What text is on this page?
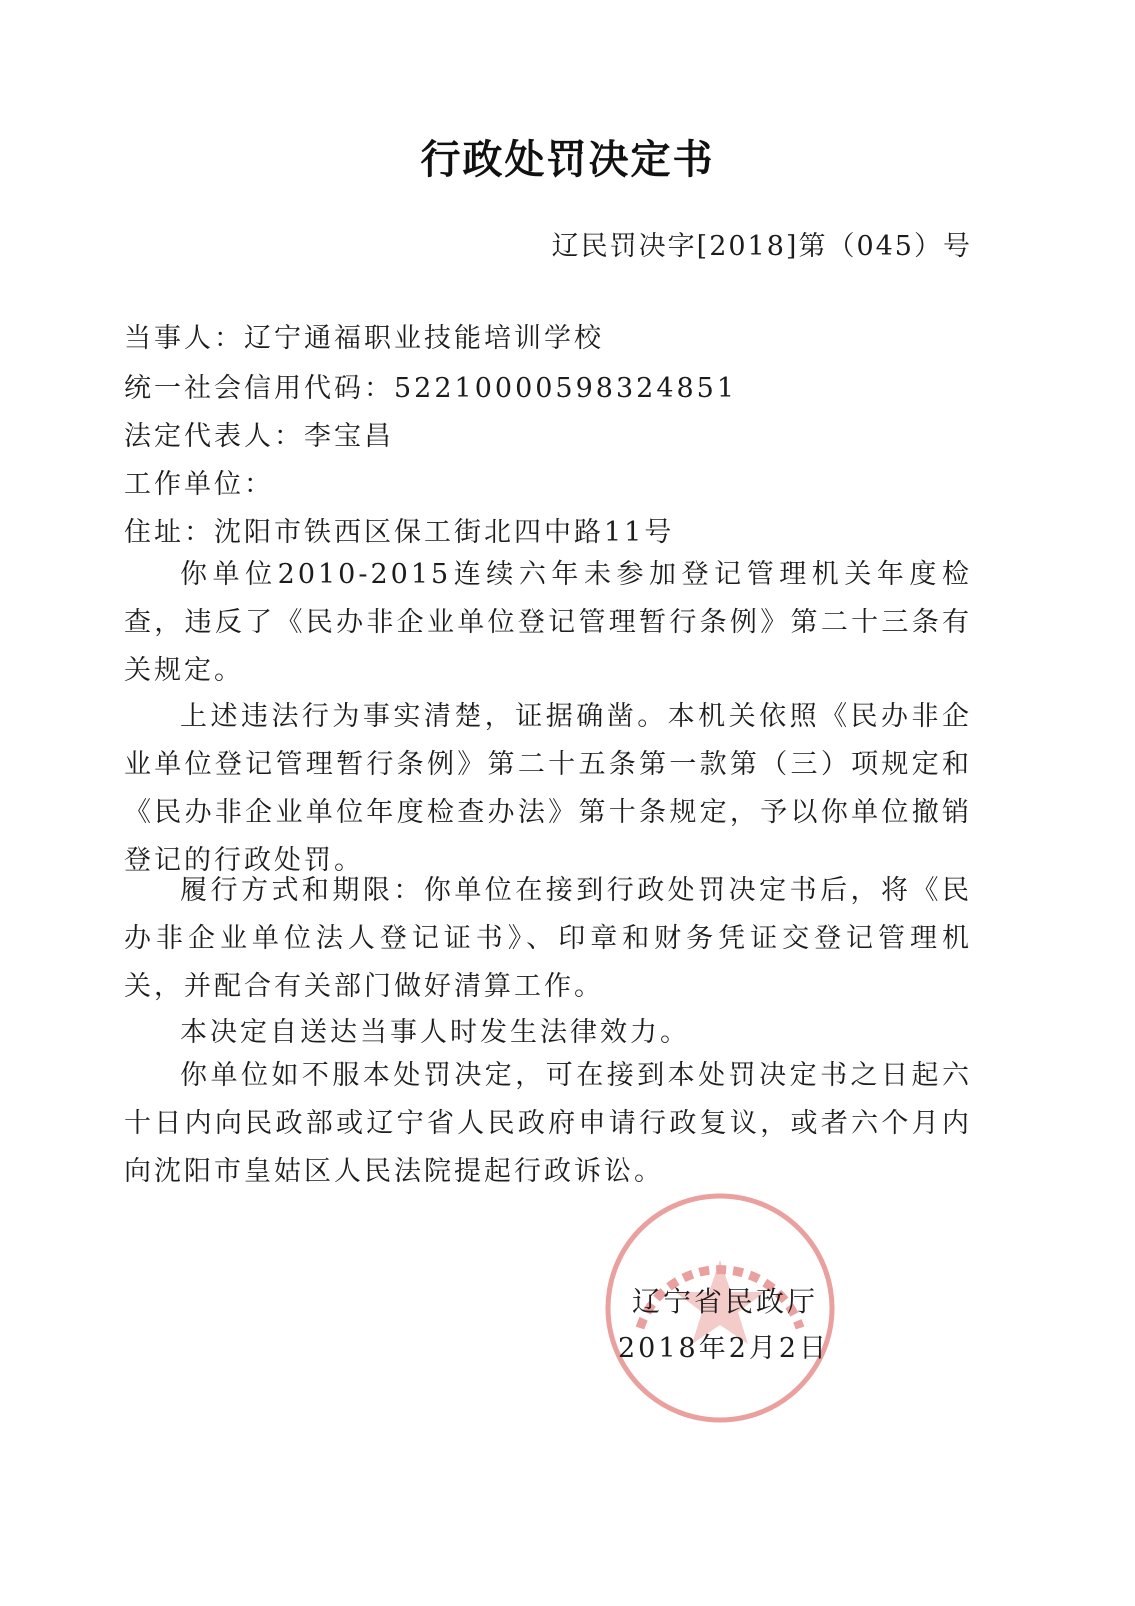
行政处罚决定书
辽民罚决字[2018]第（045）号
当事人：辽宁通福职业技能培训学校
统一社会信用代码：52210000598324851
法定代表人：李宝昌
工作单位：
住址：沈阳市铁西区保工街北四中路11号
你单位2010-2015连续六年未参加登记管理机关年度检查，违反了《民办非企业单位登记管理暂行条例》第二十三条有关规定。
上述违法行为事实清楚，证据确凿。本机关依照《民办非企业单位登记管理暂行条例》第二十五条第一款第（三）项规定和《民办非企业单位年度检查办法》第十条规定，予以你单位撤销登记的行政处罚。
履行方式和期限：你单位在接到行政处罚决定书后，将《民办非企业单位法人登记证书》、印章和财务凭证交登记管理机关，并配合有关部门做好清算工作。
本决定自送达当事人时发生法律效力。
你单位如不服本处罚决定，可在接到本处罚决定书之日起六十日内向民政部或辽宁省人民政府申请行政复议，或者六个月内向沈阳市皇姑区人民法院提起行政诉讼。
辽宁省民政厅
2018年2月2日
